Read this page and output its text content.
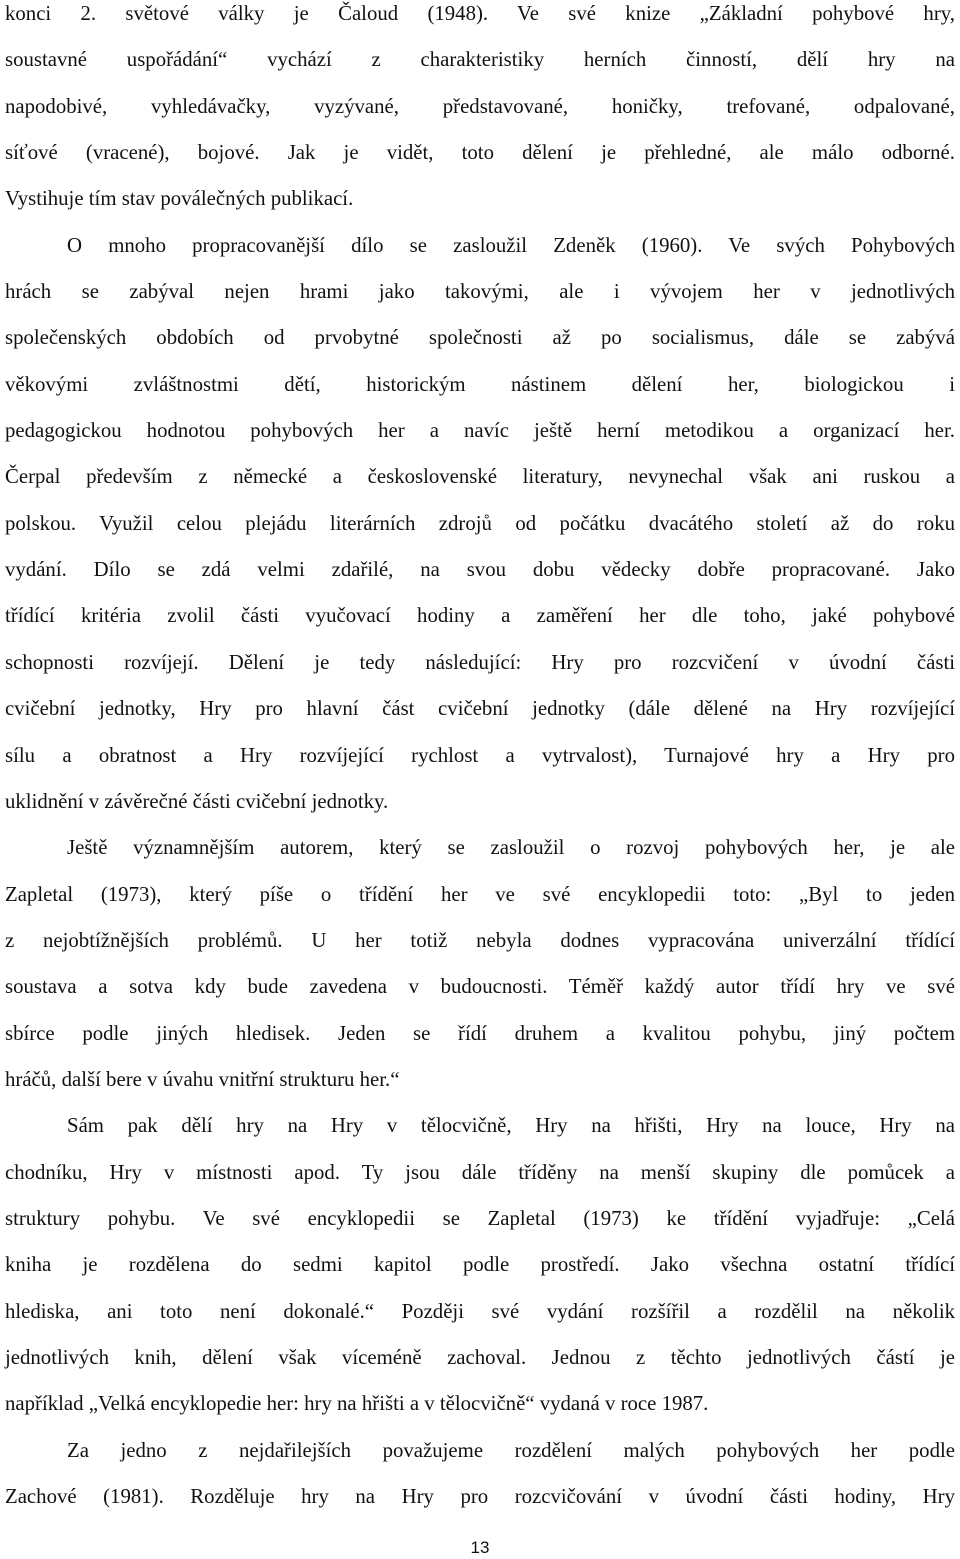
konci 2. světové války je Čaloud (1948). Ve své knize „Základní pohybové hry,
soustavné uspořádání“ vychází z charakteristiky herních činností, dělí hry na
napodobivé, vyhledávačky, vyzývané, představované, honičky, trefované, odpalované,
síťové (vracené), bojové. Jak je vidět, toto dělení je přehledné, ale málo odborné.
Vystihuje tím stav poválečných publikací.
O mnoho propracovanější dílo se zasloužil Zdeněk (1960). Ve svých Pohybových
hrách se zabýval nejen hrami jako takovými, ale i vývojem her v jednotlivých
společenských obdobích od prvobytné společnosti až po socialismus, dále se zabývá
věkovými zvláštnostmi dětí, historickým nástinem dělení her, biologickou i
pedagogickou hodnotou pohybových her a navíc ještě herní metodikou a organizací her.
Čerpal především z německé a československé literatury, nevynechal však ani ruskou a
polskou. Využil celou plejádu literárních zdrojů od počátku dvacátého století až do roku
vydání. Dílo se zdá velmi zdařilé, na svou dobu vědecky dobře propracované. Jako
třídící kritéria zvolil části vyučovací hodiny a zaměření her dle toho, jaké pohybové
schopnosti rozvíjejí. Dělení je tedy následující: Hry pro rozcvičení v úvodní části
cvičební jednotky, Hry pro hlavní část cvičební jednotky (dále dělené na Hry rozvíjející
sílu a obratnost a Hry rozvíjející rychlost a vytrvalost), Turnajové hry a Hry pro
uklidnění v závěrečné části cvičební jednotky.
Ještě významnějším autorem, který se zasloužil o rozvoj pohybových her, je ale
Zapletal (1973), který píše o třídění her ve své encyklopedii toto: „Byl to jeden
z nejobtížnějších problémů. U her totiž nebyla dodnes vypracována univerzální třídící
soustava a sotva kdy bude zavedena v budoucnosti. Téměř každý autor třídí hry ve své
sbírce podle jiných hledisek. Jeden se řídí druhem a kvalitou pohybu, jiný počtem
hráčů, další bere v úvahu vnitřní strukturu her.“
Sám pak dělí hry na Hry v tělocvičně, Hry na hřišti, Hry na louce, Hry na
chodníku, Hry v místnosti apod. Ty jsou dále tříděny na menší skupiny dle pomůcek a
struktury pohybu. Ve své encyklopedii se Zapletal (1973) ke třídění vyjadřuje: „Celá
kniha je rozdělena do sedmi kapitol podle prostředí. Jako všechna ostatní třídící
hlediska, ani toto není dokonalé.“ Později své vydání rozšířil a rozdělil na několik
jednotlivých knih, dělení však víceméně zachoval. Jednou z těchto jednotlivých částí je
například „Velká encyklopedie her: hry na hřišti a v tělocvičně“ vydaná v roce 1987.
Za jedno z nejdařilejších považujeme rozdělení malých pohybových her podle
Zachové (1981). Rozděluje hry na Hry pro rozcvičování v úvodní části hodiny, Hry
13
